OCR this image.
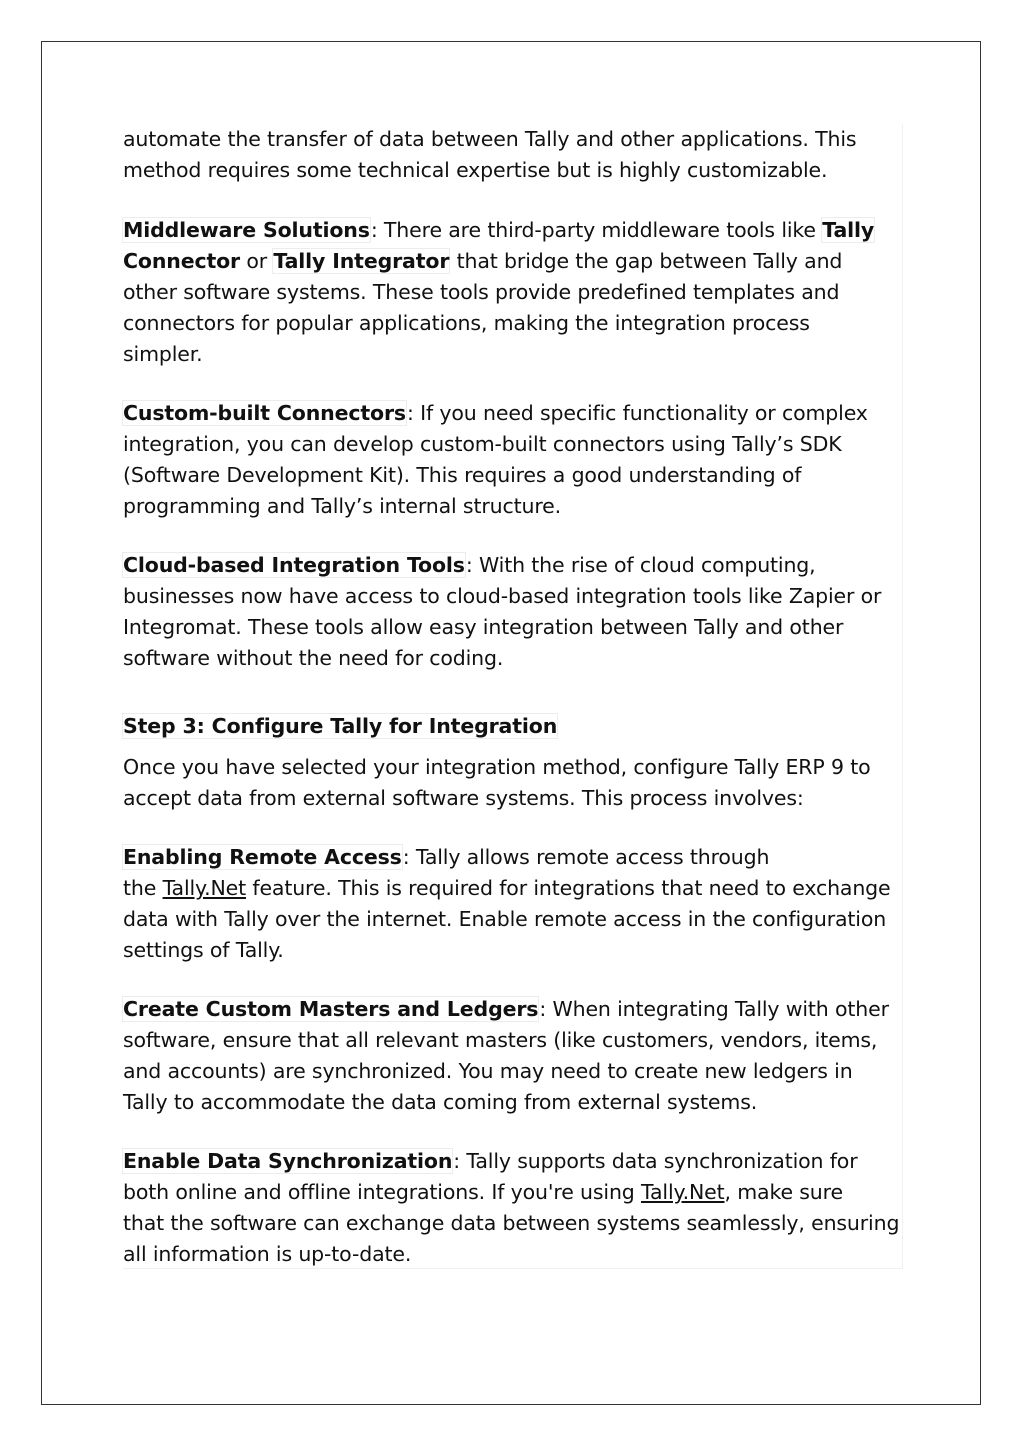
automate the transfer of data between Tally and other applications. This
method requires some technical expertise but is highly customizable.

Middleware Solutions: There are third-party middleware tools like Tally
Connector or Tally Integrator that bridge the gap between Tally and
other software systems. These tools provide predefined templates and
connectors for popular applications, making the integration process
simpler.

Custom-built Connectors: If you need specific functionality or complex
integration, you can develop custom-built connectors using Tally’s SDK
(Software Development Kit). This requires a good understanding of
programming and Tally’s internal structure.

Cloud-based Integration Tools: With the rise of cloud computing,
businesses now have access to cloud-based integration tools like Zapier or
Integromat. These tools allow easy integration between Tally and other
software without the need for coding.

Step 3: Configure Tally for Integration

Once you have selected your integration method, configure Tally ERP 9 to
accept data from external software systems. This process involves:

Enabling Remote Access: Tally allows remote access through
the Tally.Net feature. This is required for integrations that need to exchange
data with Tally over the internet. Enable remote access in the configuration
settings of Tally.

Create Custom Masters and Ledgers: When integrating Tally with other
software, ensure that all relevant masters (like customers, vendors, items,
and accounts) are synchronized. You may need to create new ledgers in
Tally to accommodate the data coming from external systems.

Enable Data Synchronization: Tally supports data synchronization for
both online and offline integrations. If you're using Tally.Net, make sure
that the software can exchange data between systems seamlessly, ensuring
all information is up-to-date.
